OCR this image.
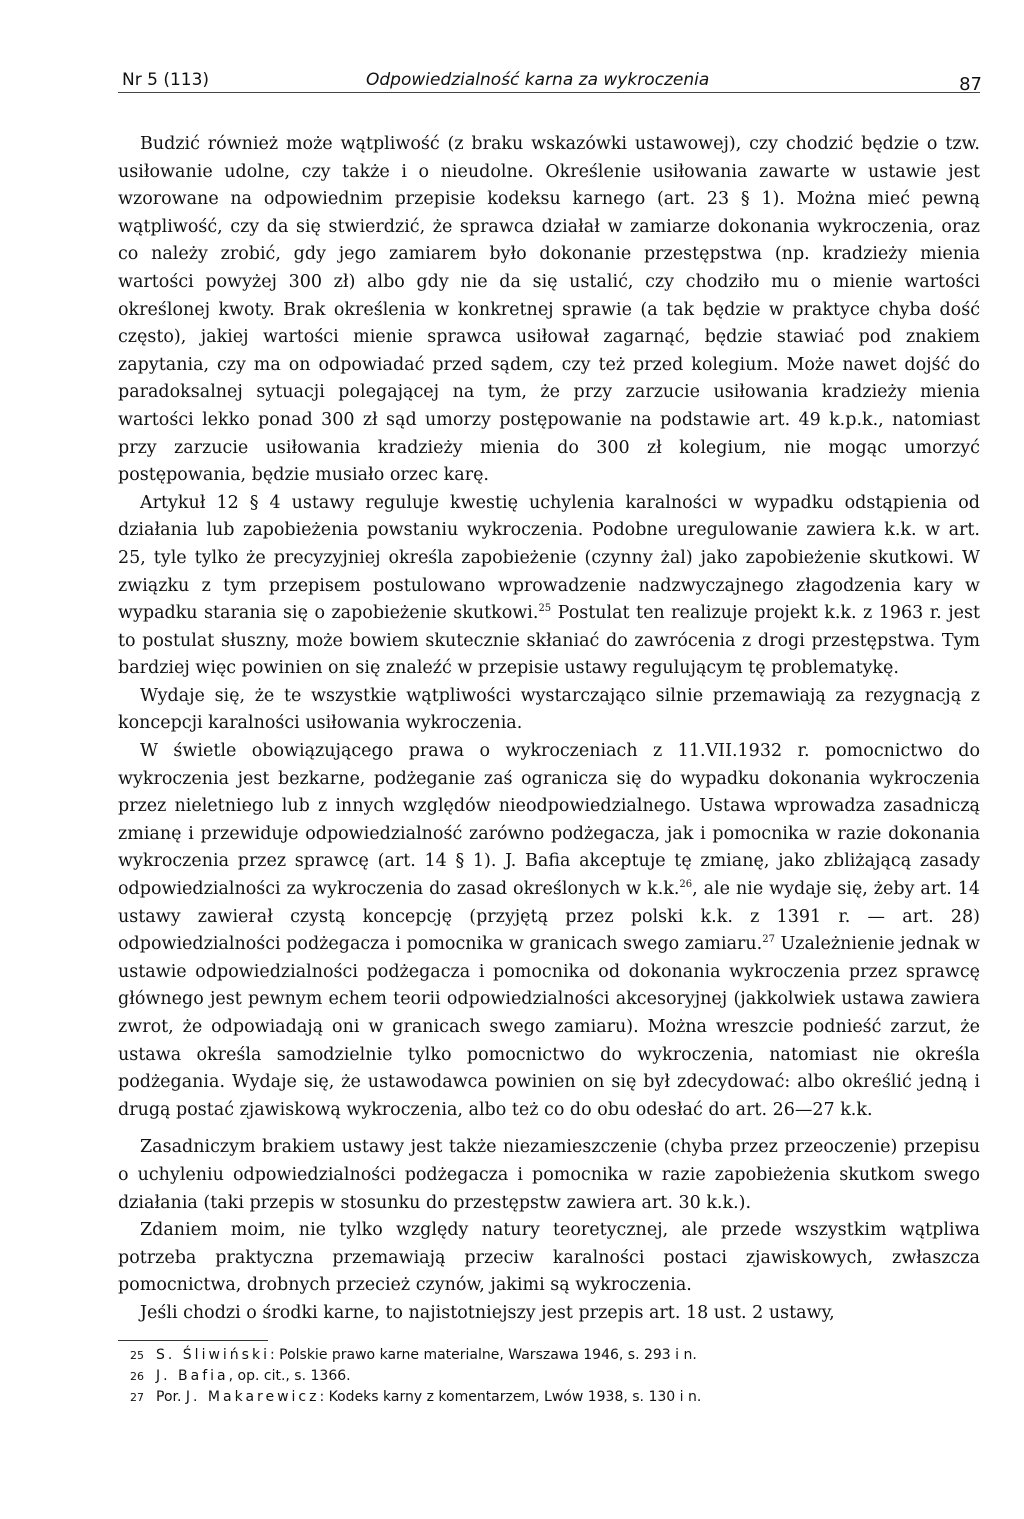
Nr 5 (113)	Odpowiedzialność karna za wykroczenia	87

Budzić również może wątpliwość (z braku wskazówki ustawowej), czy chodzić będzie o tzw. usiłowanie udolne, czy także i o nieudolne. Określenie usiłowania zawarte w ustawie jest wzorowane na odpowiednim przepisie kodeksu karnego (art. 23 § 1). Można mieć pewną wątpliwość, czy da się stwierdzić, że sprawca działał w zamiarze dokonania wykroczenia, oraz co należy zrobić, gdy jego zamiarem było dokonanie przestępstwa (np. kradzieży mienia wartości powyżej 300 zł) albo gdy nie da się ustalić, czy chodziło mu o mienie wartości określonej kwoty. Brak określenia w konkretnej sprawie (a tak będzie w praktyce chyba dość często), jakiej wartości mienie sprawca usiłował zagarnąć, będzie stawiać pod znakiem zapytania, czy ma on odpowiadać przed sądem, czy też przed kolegium. Może nawet dojść do paradoksalnej sytuacji polegającej na tym, że przy zarzucie usiłowania kradzieży mienia wartości lekko ponad 300 zł sąd umorzy postępowanie na podstawie art. 49 k.p.k., natomiast przy zarzucie usiłowania kradzieży mienia do 300 zł kolegium, nie mogąc umorzyć postępowania, będzie musiało orzec karę.

Artykuł 12 § 4 ustawy reguluje kwestię uchylenia karalności w wypadku odstąpienia od działania lub zapobieżenia powstaniu wykroczenia. Podobne uregulowanie zawiera k.k. w art. 25, tyle tylko że precyzyjniej określa zapobieżenie (czynny żal) jako zapobieżenie skutkowi. W związku z tym przepisem postulowano wprowadzenie nadzwyczajnego złagodzenia kary w wypadku starania się o zapobieżenie skutkowi.$^{25}$ Postulat ten realizuje projekt k.k. z 1963 r. jest to postulat słuszny, może bowiem skutecznie skłaniać do zawrócenia z drogi przestępstwa. Tym bardziej więc powinien on się znaleźć w przepisie ustawy regulującym tę problematykę.

Wydaje się, że te wszystkie wątpliwości wystarczająco silnie przemawiają za rezygnacją z koncepcji karalności usiłowania wykroczenia.

W świetle obowiązującego prawa o wykroczeniach z 11.VII.1932 r. pomocnictwo do wykroczenia jest bezkarne, podżeganie zaś ogranicza się do wypadku dokonania wykroczenia przez nieletniego lub z innych względów nieodpowiedzialnego. Ustawa wprowadza zasadniczą zmianę i przewiduje odpowiedzialność zarówno podżegacza, jak i pomocnika w razie dokonania wykroczenia przez sprawcę (art. 14 § 1). J. Bafia akceptuje tę zmianę, jako zbliżającą zasady odpowiedzialności za wykroczenia do zasad określonych w k.k.$^{26}$, ale nie wydaje się, żeby art. 14 ustawy zawierał czystą koncepcję (przyjętą przez polski k.k. z 1391 r. — art. 28) odpowiedzialności podżegacza i pomocnika w granicach swego zamiaru.$^{27}$ Uzależnienie jednak w ustawie odpowiedzialności podżegacza i pomocnika od dokonania wykroczenia przez sprawcę głównego jest pewnym echem teorii odpowiedzialności akcesoryjnej (jakkolwiek ustawa zawiera zwrot, że odpowiadają oni w granicach swego zamiaru). Można wreszcie podnieść zarzut, że ustawa określa samodzielnie tylko pomocnictwo do wykroczenia, natomiast nie określa podżegania. Wydaje się, że ustawodawca powinien on się był zdecydować: albo określić jedną i drugą postać zjawiskową wykroczenia, albo też co do obu odesłać do art. 26—27 k.k.

Zasadniczym brakiem ustawy jest także niezamieszczenie (chyba przez przeoczenie) przepisu o uchyleniu odpowiedzialności podżegacza i pomocnika w razie zapobieżenia skutkom swego działania (taki przepis w stosunku do przestępstw zawiera art. 30 k.k.).

Zdaniem moim, nie tylko względy natury teoretycznej, ale przede wszystkim wątpliwa potrzeba praktyczna przemawiają przeciw karalności postaci zjawiskowych, zwłaszcza pomocnictwa, drobnych przecież czynów, jakimi są wykroczenia.

Jeśli chodzi o środki karne, to najistotniejszy jest przepis art. 18 ust. 2 ustawy,

25 S. Śliwiński: Polskie prawo karne materialne, Warszawa 1946, s. 293 i n.
26 J. Bafia, op. cit., s. 1366.
27 Por. J. Makarewicz: Kodeks karny z komentarzem, Lwów 1938, s. 130 i n.
